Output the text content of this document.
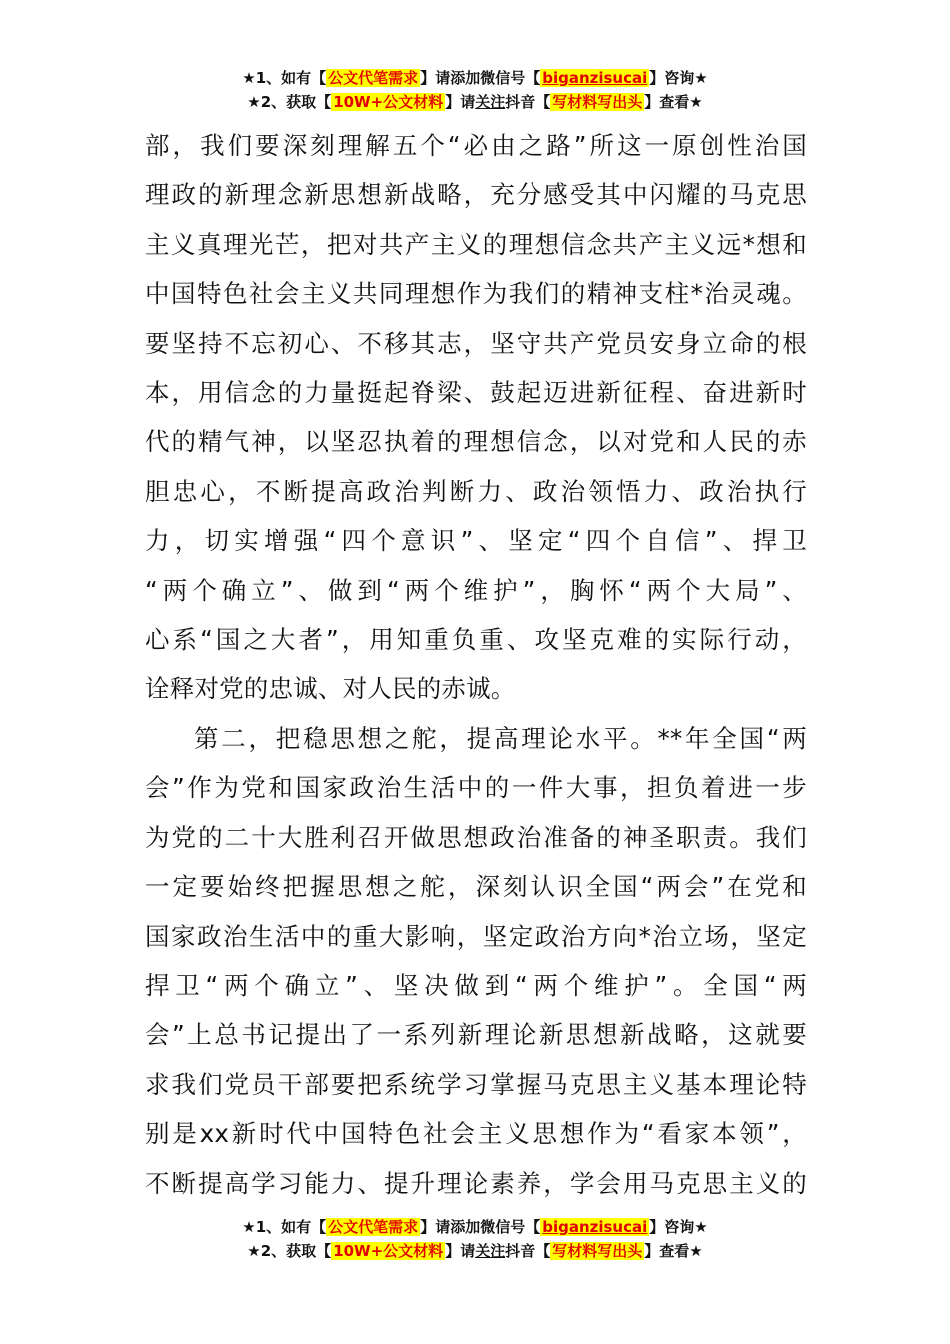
★1、如有【 公文代笔需求 】请添加微信号【 biganzisucai 】咨询★
★2、获取【 10W+公文材料 】请关注抖音【 写材料写出头 】查看★
部，我们要深刻理解五个“必由之路”所这一原创性治国
理政的新理念新思想新战略，充分感受其中闪耀的马克思
主义真理光芒，把对共产主义的理想信念共产主义远*想和
中国特色社会主义共同理想作为我们的精神支柱*治灵魂。
要坚持不忘初心、不移其志，坚守共产党员安身立命的根
本，用信念的力量挺起脊梁、鼓起迈进新征程、奋进新时
代的精气神，以坚忍执着的理想信念，以对党和人民的赤
胆忠心，不断提高政治判断力、政治领悟力、政治执行
力，切实增强“四个意识”、坚定“四个自信”、捍卫
“两个确立”、做到“两个维护”，胸怀“两个大局”、
心系“国之大者”，用知重负重、攻坚克难的实际行动，
诠释对党的忠诚、对人民的赤诚。
第二，把稳思想之舵，提高理论水平。**年全国“两
会”作为党和国家政治生活中的一件大事，担负着进一步
为党的二十大胜利召开做思想政治准备的神圣职责。我们
一定要始终把握思想之舵，深刻认识全国“两会”在党和
国家政治生活中的重大影响，坚定政治方向*治立场，坚定
捍卫“两个确立”、坚决做到“两个维护”。全国“两
会”上总书记提出了一系列新理论新思想新战略，这就要
求我们党员干部要把系统学习掌握马克思主义基本理论特
别是xx新时代中国特色社会主义思想作为“看家本领”，
不断提高学习能力、提升理论素养，学会用马克思主义的
★1、如有【 公文代笔需求 】请添加微信号【 biganzisucai 】咨询★
★2、获取【 10W+公文材料 】请关注抖音【 写材料写出头 】查看★
